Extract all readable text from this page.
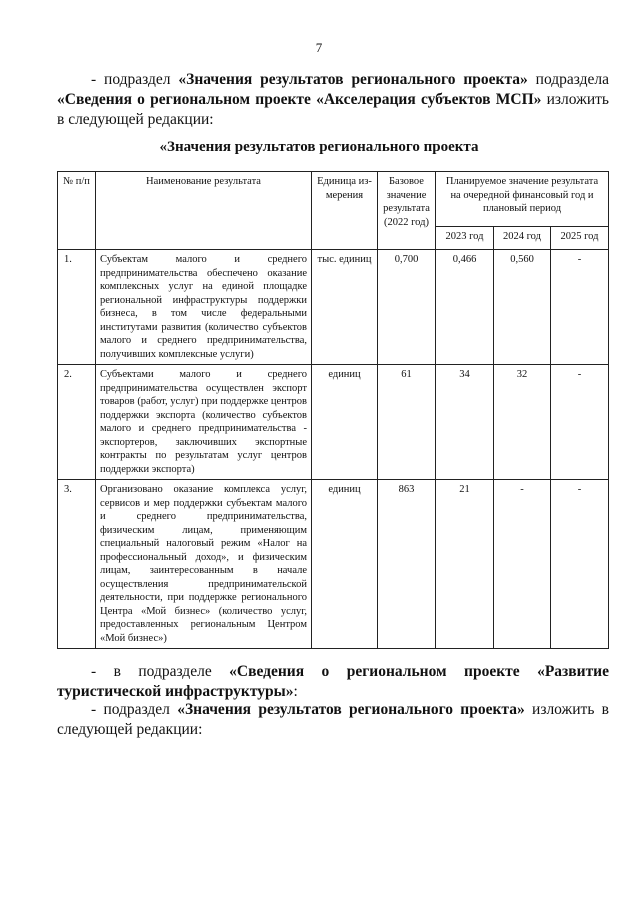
7
- подраздел «Значения результатов регионального проекта» подраздела «Сведения о региональном проекте «Акселерация субъектов МСП» изложить в следующей редакции:
«Значения результатов регионального проекта
№ п/п	Наименование результата	Единица из-мерения	Базовое значение результата (2022 год)	Планируемое значение результата на очередной финансовый год и плановый период		
				2023 год	2024 год	2025 год
1.	Субъектам малого и среднего предпринимательства обеспечено оказание комплексных услуг на единой площадке региональной инфраструктуры поддержки бизнеса, в том числе федеральными институтами развития (количество субъектов малого и среднего предпринимательства, получивших комплексные услуги)	тыс. единиц	0,700	0,466	0,560	-
2.	Субъектами малого и среднего предпринимательства осуществлен экспорт товаров (работ, услуг) при поддержке центров поддержки экспорта (количество субъектов малого и среднего предпринимательства - экспортеров, заключивших экспортные контракты по результатам услуг центров поддержки экспорта)	единиц	61	34	32	-
3.	Организовано оказание комплекса услуг, сервисов и мер поддержки субъектам малого и среднего предпринимательства, физическим лицам, применяющим специальный налоговый режим «Налог на профессиональный доход», и физическим лицам, заинтересованным в начале осуществления предпринимательской деятельности, при поддержке регионального Центра «Мой бизнес» (количество услуг, предоставленных региональным Центром «Мой бизнес»)	единиц	863	21	-	-
- в подразделе «Сведения о региональном проекте «Развитие туристической инфраструктуры»:
- подраздел «Значения результатов регионального проекта» изложить в следующей редакции:
